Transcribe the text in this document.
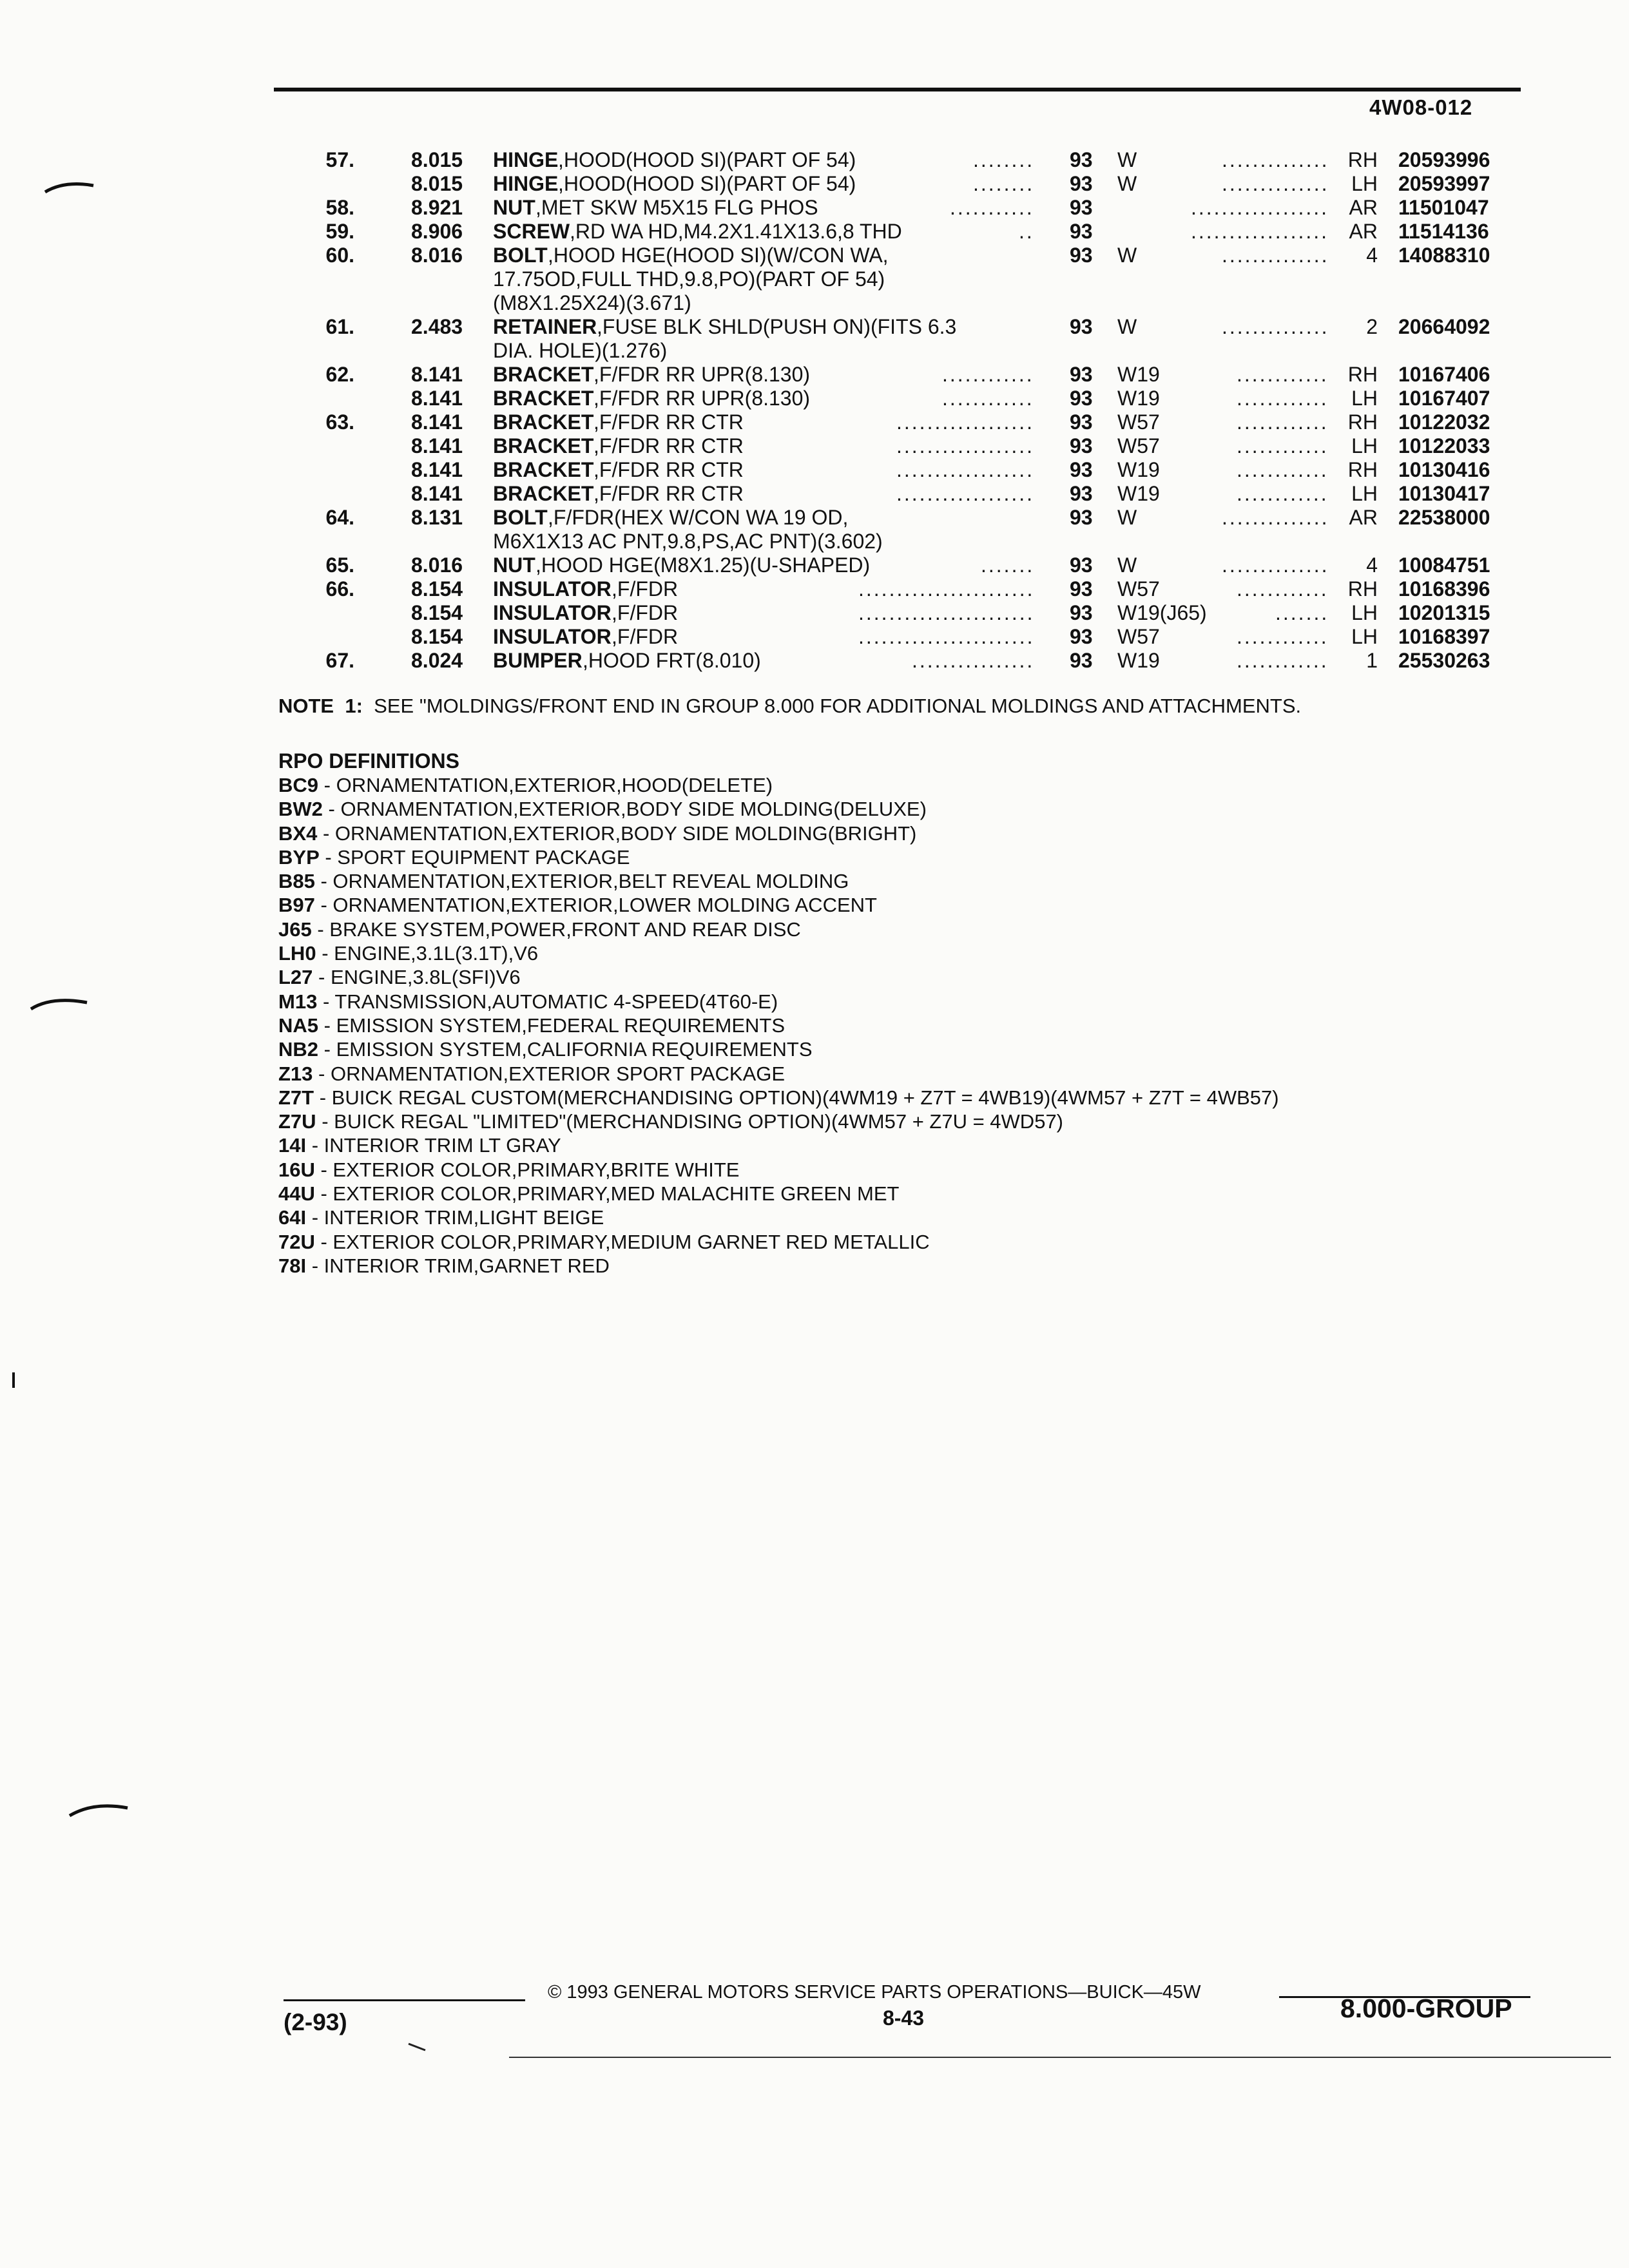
4W08-012
57.	8.015 HINGE ,HOOD(HOOD SI)(PART OF 54)	........ 93 W	.............. RH 20593996
8.015 HINGE ,HOOD(HOOD SI)(PART OF 54)	........ 93 W	..............	LH 20593997
58.	8.921 NUT ,MET SKW M5X15 FLG PHOS	........... 93	.................. AR 11501047
59.	8.906 SCREW ,RD WA HD,M4.2X1.41X13.6,8 THD	.. 93	.................. AR 11514136
60.	8.016 BOLT ,HOOD HGE(HOOD SI)(W/CON WA,	93 W	..............	4 14088310
17.75OD,FULL THD,9.8,PO)(PART OF 54)
(M8X1.25X24)(3.671)
61.	2.483 RETAINER ,FUSE BLK SHLD(PUSH ON)(FITS 6.3	93 W	..............	2 20664092
DIA. HOLE)(1.276)
62.	8.141 BRACKET ,F/FDR RR UPR(8.130)	............ 93 W19	............ RH 10167406
8.141 BRACKET ,F/FDR RR UPR(8.130)	............ 93 W19	............	LH 10167407
63.	8.141 BRACKET ,F/FDR RR CTR	.................. 93 W57	............ RH 10122032
8.141 BRACKET ,F/FDR RR CTR	.................. 93 W57	............	LH 10122033
8.141 BRACKET ,F/FDR RR CTR	.................. 93 W19	............ RH 10130416
8.141 BRACKET ,F/FDR RR CTR	.................. 93 W19	............	LH 10130417
64.	8.131 BOLT ,F/FDR(HEX W/CON WA 19 OD,	93 W	.............. AR 22538000
M6X1X13 AC PNT,9.8,PS,AC PNT)(3.602)
65.	8.016 NUT ,HOOD HGE(M8X1.25)(U-SHAPED)	....... 93 W	..............	4 10084751
66.	8.154 INSULATOR ,F/FDR	....................... 93 W57	............ RH 10168396
8.154 INSULATOR ,F/FDR	....................... 93 W19(J65)	.......	LH 10201315
8.154 INSULATOR ,F/FDR	....................... 93 W57	............	LH 10168397
67.	8.024 BUMPER ,HOOD FRT(8.010)	................ 93 W19	............	1 25530263
NOTE 1: SEE "MOLDINGS/FRONT END IN GROUP 8.000 FOR ADDITIONAL MOLDINGS AND ATTACHMENTS.
RPO DEFINITIONS
BC9 - ORNAMENTATION,EXTERIOR,HOOD(DELETE)
BW2 - ORNAMENTATION,EXTERIOR,BODY SIDE MOLDING(DELUXE)
BX4 - ORNAMENTATION,EXTERIOR,BODY SIDE MOLDING(BRIGHT)
BYP - SPORT EQUIPMENT PACKAGE
B85 - ORNAMENTATION,EXTERIOR,BELT REVEAL MOLDING
B97 - ORNAMENTATION,EXTERIOR,LOWER MOLDING ACCENT
J65 - BRAKE SYSTEM,POWER,FRONT AND REAR DISC
LH0 - ENGINE,3.1L(3.1T),V6
L27 - ENGINE,3.8L(SFI)V6
M13 - TRANSMISSION,AUTOMATIC 4-SPEED(4T60-E)
NA5 - EMISSION SYSTEM,FEDERAL REQUIREMENTS
NB2 - EMISSION SYSTEM,CALIFORNIA REQUIREMENTS
Z13 - ORNAMENTATION,EXTERIOR SPORT PACKAGE
Z7T - BUICK REGAL CUSTOM(MERCHANDISING OPTION)(4WM19 + Z7T = 4WB19)(4WM57 + Z7T = 4WB57)
Z7U - BUICK REGAL "LIMITED"(MERCHANDISING OPTION)(4WM57 + Z7U = 4WD57)
14I - INTERIOR TRIM LT GRAY
16U - EXTERIOR COLOR,PRIMARY,BRITE WHITE
44U - EXTERIOR COLOR,PRIMARY,MED MALACHITE GREEN MET
64I - INTERIOR TRIM,LIGHT BEIGE
72U - EXTERIOR COLOR,PRIMARY,MEDIUM GARNET RED METALLIC
78I - INTERIOR TRIM,GARNET RED
© 1993 GENERAL MOTORS SERVICE PARTS OPERATIONS—BUICK—45W
(2-93)	8-43	8.000-GROUP
